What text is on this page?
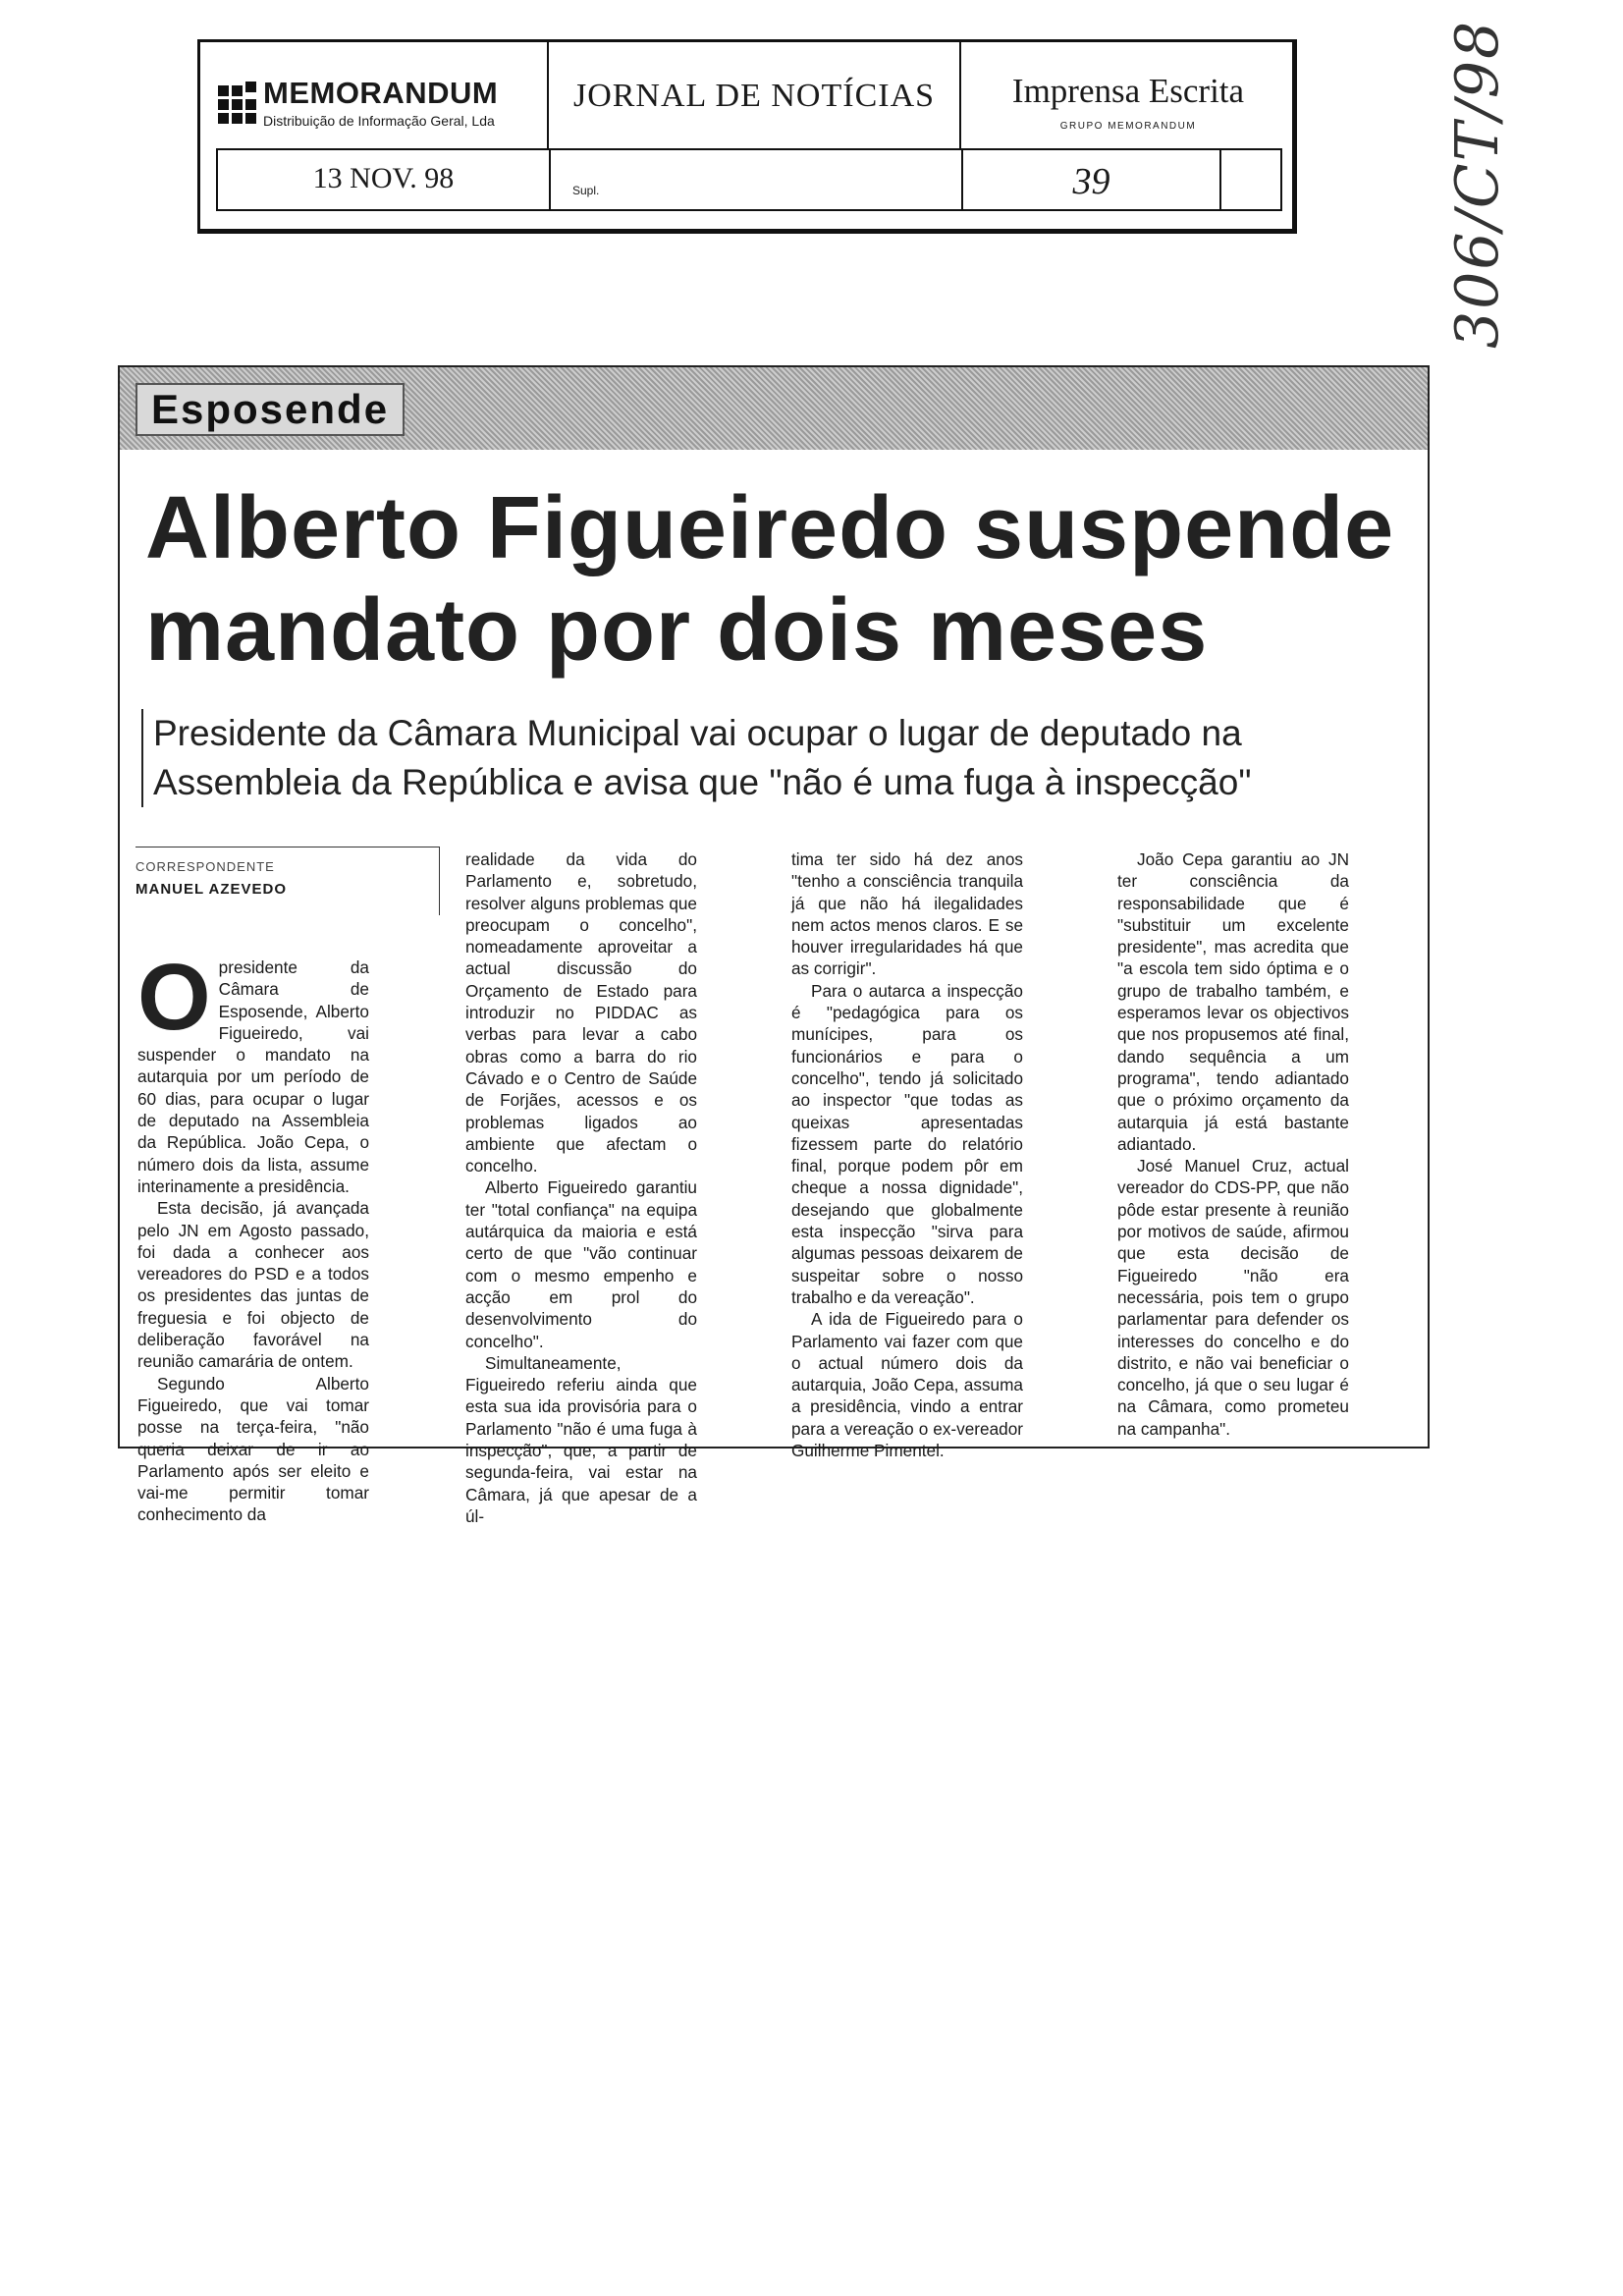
MEMORANDUM
Distribuição de Informação Geral, Lda
JORNAL DE NOTÍCIAS	Imprensa Escrita
GRUPO MEMORANDUM
13 NOV. 98	Supl.	39	306/CT/98
Esposende
Alberto Figueiredo suspende mandato por dois meses
Presidente da Câmara Municipal vai ocupar o lugar de deputado na Assembleia da República e avisa que "não é uma fuga à inspecção"
CORRESPONDENTE
MANUEL AZEVEDO

Opresidente da Câmara de Esposende, Alberto Figueiredo, vai suspender o mandato na autarquia por um período de 60 dias, para ocupar o lugar de deputado na Assembleia da República. João Cepa, o número dois da lista, assume interinamente a presidência.

Esta decisão, já avançada pelo JN em Agosto passado, foi dada a conhecer aos vereadores do PSD e a todos os presidentes das juntas de freguesia e foi objecto de deliberação favorável na reunião camarária de ontem.

Segundo Alberto Figueiredo, que vai tomar posse na terça-feira, "não queria deixar de ir ao Parlamento após ser eleito e vai-me permitir tomar conhecimento da

realidade da vida do Parlamento e, sobretudo, resolver alguns problemas que preocupam o concelho", nomeadamente aproveitar a actual discussão do Orçamento de Estado para introduzir no PIDDAC as verbas para levar a cabo obras como a barra do rio Cávado e o Centro de Saúde de Forjães, acessos e os problemas ligados ao ambiente que afectam o concelho.

Alberto Figueiredo garantiu ter "total confiança" na equipa autárquica da maioria e está certo de que "vão continuar com o mesmo empenho e acção em prol do desenvolvimento do concelho".

Simultaneamente, Figueiredo referiu ainda que esta sua ida provisória para o Parlamento "não é uma fuga à inspecção", que, a partir de segunda-feira, vai estar na Câmara, já que apesar de a úl-

tima ter sido há dez anos "tenho a consciência tranquila já que não há ilegalidades nem actos menos claros. E se houver irregularidades há que as corrigir".

Para o autarca a inspecção é "pedagógica para os munícipes, para os funcionários e para o concelho", tendo já solicitado ao inspector "que todas as queixas apresentadas fizessem parte do relatório final, porque podem pôr em cheque a nossa dignidade", desejando que globalmente esta inspecção "sirva para algumas pessoas deixarem de suspeitar sobre o nosso trabalho e da vereação".

A ida de Figueiredo para o Parlamento vai fazer com que o actual número dois da autarquia, João Cepa, assuma a presidência, vindo a entrar para a vereação o ex-vereador Guilherme Pimentel.

João Cepa garantiu ao JN ter consciência da responsabilidade que é "substituir um excelente presidente", mas acredita que "a escola tem sido óptima e o grupo de trabalho também, e esperamos levar os objectivos que nos propusemos até final, dando sequência a um programa", tendo adiantado que o próximo orçamento da autarquia já está bastante adiantado.

José Manuel Cruz, actual vereador do CDS-PP, que não pôde estar presente à reunião por motivos de saúde, afirmou que esta decisão de Figueiredo "não era necessária, pois tem o grupo parlamentar para defender os interesses do concelho e do distrito, e não vai beneficiar o concelho, já que o seu lugar é na Câmara, como prometeu na campanha".
